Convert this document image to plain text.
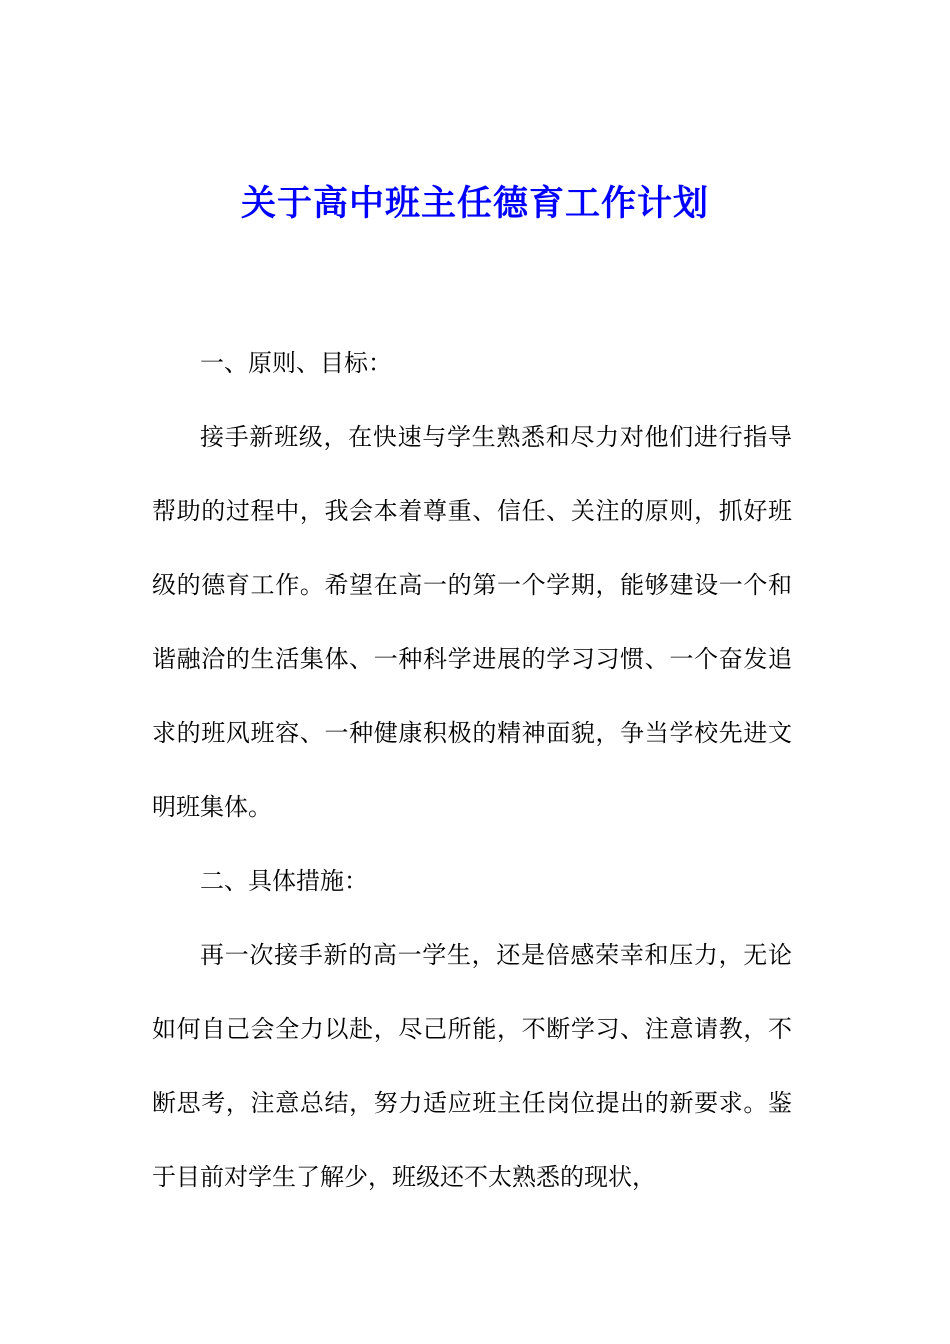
关于高中班主任德育工作计划

一、原则、目标：

接手新班级，在快速与学生熟悉和尽力对他们进行指导帮助的过程中，我会本着尊重、信任、关注的原则，抓好班级的德育工作。希望在高一的第一个学期，能够建设一个和谐融洽的生活集体、一种科学进展的学习习惯、一个奋发追求的班风班容、一种健康积极的精神面貌，争当学校先进文明班集体。

二、具体措施：

再一次接手新的高一学生，还是倍感荣幸和压力，无论如何自己会全力以赴，尽己所能，不断学习、注意请教，不断思考，注意总结，努力适应班主任岗位提出的新要求。鉴于目前对学生了解少，班级还不太熟悉的现状，
